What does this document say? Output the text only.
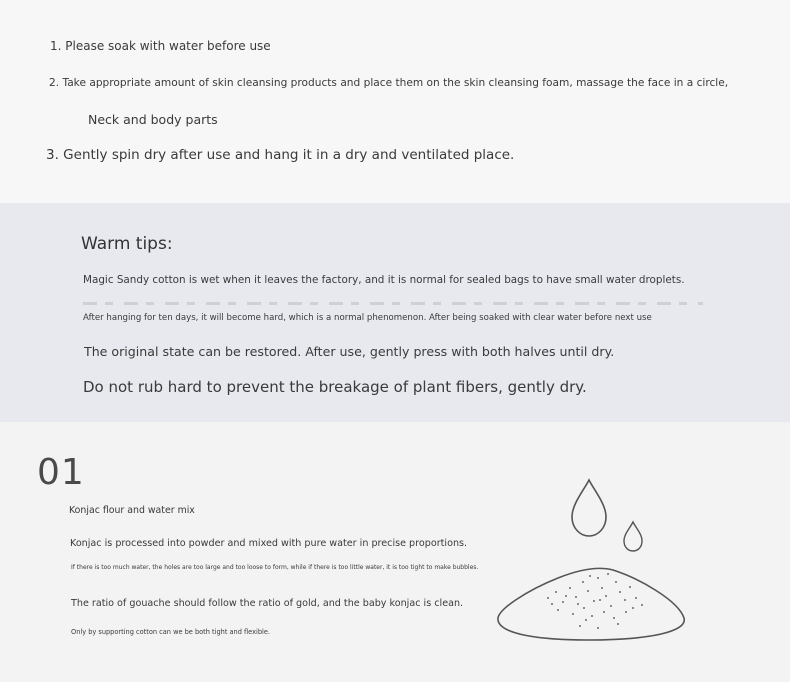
1. Please soak with water before use
2. Take appropriate amount of skin cleansing products and place them on the skin cleansing foam, massage the face in a circle,
Neck and body parts
3. Gently spin dry after use and hang it in a dry and ventilated place.
Warm tips:
Magic Sandy cotton is wet when it leaves the factory, and it is normal for sealed bags to have small water droplets.
After hanging for ten days, it will become hard, which is a normal phenomenon. After being soaked with clear water before next use
The original state can be restored. After use, gently press with both halves until dry.
Do not rub hard to prevent the breakage of plant fibers, gently dry.
01
Konjac flour and water mix
Konjac is processed into powder and mixed with pure water in precise proportions.
If there is too much water, the holes are too large and too loose to form, while if there is too little water, it is too tight to make bubbles.
The ratio of gouache should follow the ratio of gold, and the baby konjac is clean.
Only by supporting cotton can we be both tight and flexible.
